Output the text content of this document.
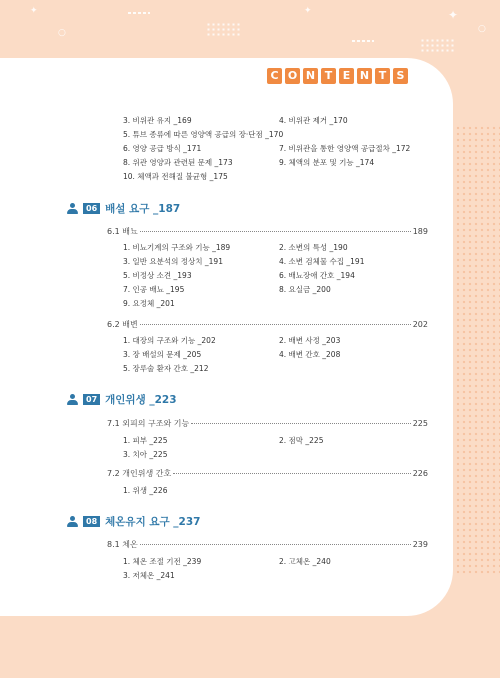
○
✦	✦
○
✦
C O N T E N T S
3. 비위관 유지 _169	4. 비위관 제거 _170
5. 튜브 종류에 따른 영양액 공급의 장·단점 _170
6. 영양 공급 방식 _171	7. 비위관을 통한 영양액 공급절차 _172
8. 위관 영양과 관련된 문제 _173	9. 체액의 분포 및 기능 _174
10. 체액과 전해질 불균형 _175
06 배설 요구 _187
6.1 배뇨	189
1. 비뇨기계의 구조와 기능 _189	2. 소변의 특성 _190
3. 일반 요분석의 정상치 _191	4. 소변 검체물 수집 _191
5. 비정상 소견 _193	6. 배뇨장애 간호 _194
7. 인공 배뇨 _195	8. 요실금 _200
9. 요정체 _201
6.2 배변	202
1. 대장의 구조와 기능 _202	2. 배변 사정 _203
3. 장 배설의 문제 _205	4. 배변 간호 _208
5. 장루술 환자 간호 _212
07 개인위생 _223
7.1 외피의 구조와 기능	225
1. 피부 _225	2. 점막 _225
3. 치아 _225
7.2 개인위생 간호	226
1. 위생 _226
08 체온유지 요구 _237
8.1 체온	239
1. 체온 조절 기전 _239	2. 고체온 _240
3. 저체온 _241
